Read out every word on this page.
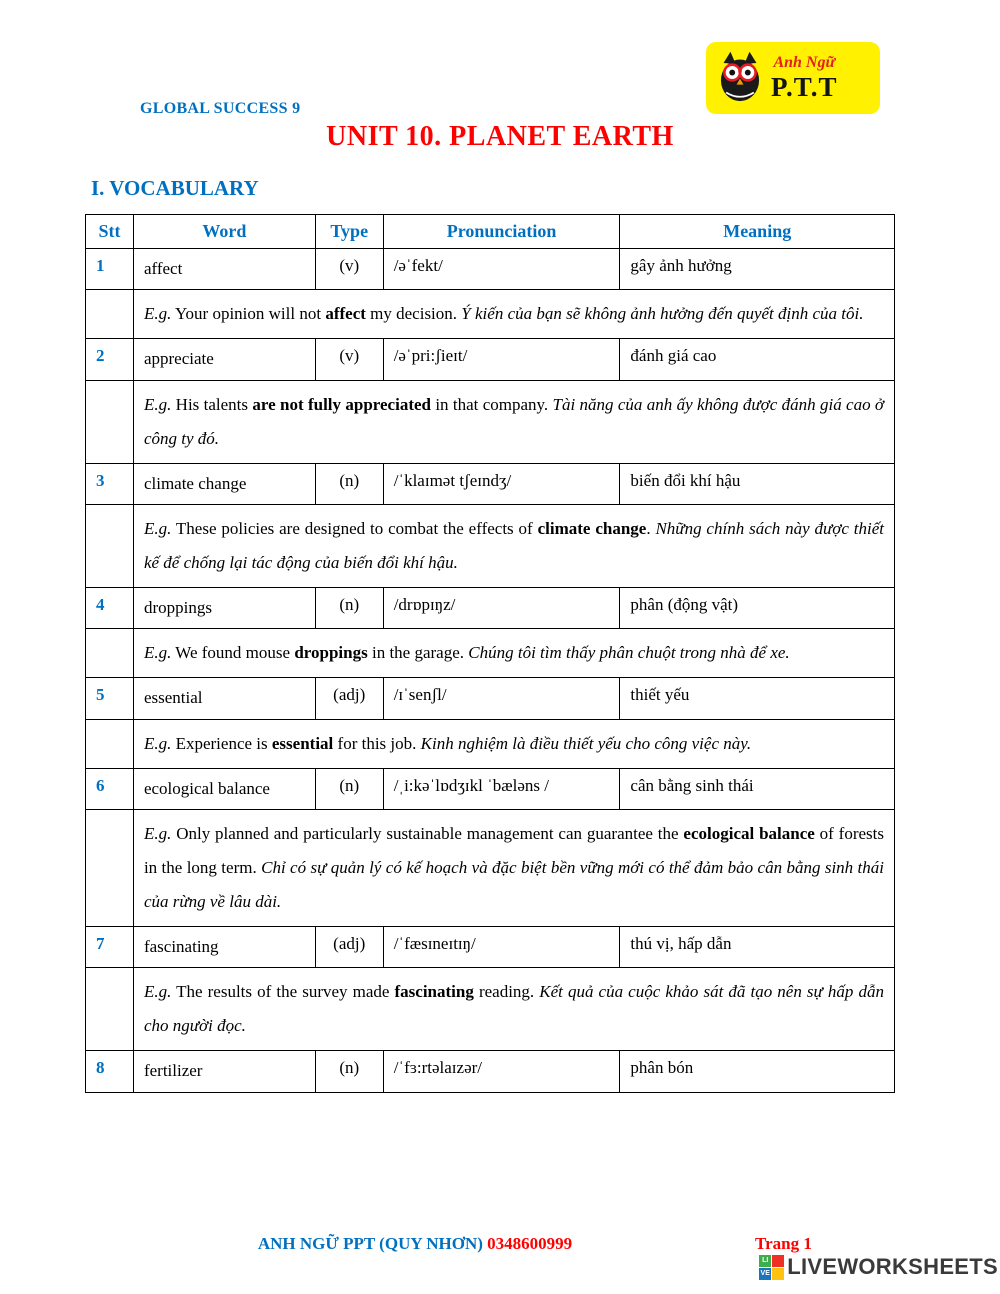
Anh Ngữ
P.T.T
GLOBAL SUCCESS 9
UNIT 10. PLANET EARTH
I. VOCABULARY
Stt	Word	Type	Pronunciation	Meaning
1	affect	(v)	/əˈfekt/	gây ảnh hưởng
	E.g. Your opinion will not affect my decision. Ý kiến của bạn sẽ không ảnh hưởng đến quyết định của tôi.			
2	appreciate	(v)	/əˈpri:ʃieɪt/	đánh giá cao
	E.g. His talents are not fully appreciated in that company. Tài năng của anh ấy không được đánh giá cao ở công ty đó.			
3	climate change	(n)	/ˈklaɪmət tʃeɪndʒ/	biến đổi khí hậu
	E.g. These policies are designed to combat the effects of climate change. Những chính sách này được thiết kế để chống lại tác động của biến đổi khí hậu.			
4	droppings	(n)	/drɒpɪŋz/	phân (động vật)
	E.g. We found mouse droppings in the garage. Chúng tôi tìm thấy phân chuột trong nhà để xe.			
5	essential	(adj)	/ɪˈsenʃl/	thiết yếu
	E.g. Experience is essential for this job. Kinh nghiệm là điều thiết yếu cho công việc này.			
6	ecological balance	(n)	/ˌi:kəˈlɒdʒɪkl ˈbæləns /	cân bằng sinh thái
	E.g. Only planned and particularly sustainable management can guarantee the ecological balance of forests in the long term. Chỉ có sự quản lý có kế hoạch và đặc biệt bền vững mới có thể đảm bảo cân bằng sinh thái của rừng về lâu dài.			
7	fascinating	(adj)	/ˈfæsɪneɪtɪŋ/	thú vị, hấp dẫn
	E.g. The results of the survey made fascinating reading. Kết quả của cuộc khảo sát đã tạo nên sự hấp dẫn cho người đọc.			
8	fertilizer	(n)	/ˈfɜ:rtəlaɪzər/	phân bón
ANH NGỮ PPT (QUY NHƠN) 0348600999	Trang 1
LI
VE LIVEWORKSHEETS
